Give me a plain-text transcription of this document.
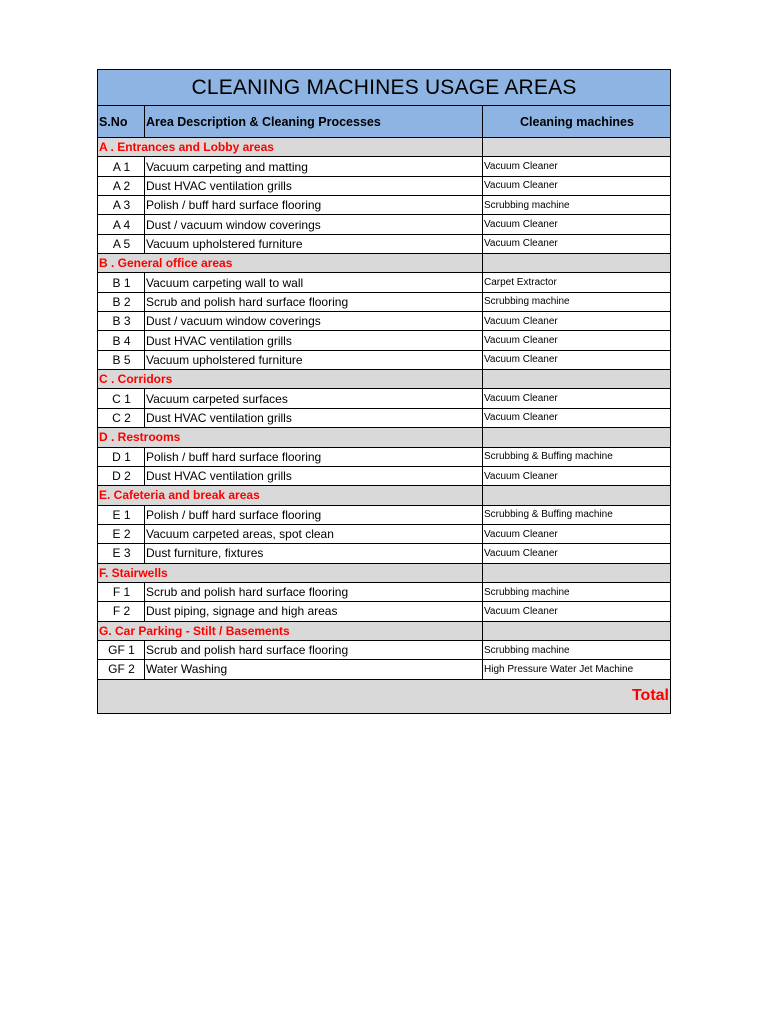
CLEANING MACHINES USAGE AREAS
S.No	Area Description & Cleaning Processes	Cleaning machines
A . Entrances and Lobby areas
A 1	Vacuum carpeting and matting	Vacuum Cleaner
A 2	Dust HVAC ventilation grills	Vacuum Cleaner
A 3	Polish / buff hard surface flooring	Scrubbing machine
A 4	Dust / vacuum window coverings	Vacuum Cleaner
A 5	Vacuum upholstered furniture	Vacuum Cleaner
B . General office areas
B 1	Vacuum carpeting wall to wall	Carpet Extractor
B 2	Scrub and polish hard surface flooring	Scrubbing machine
B 3	Dust / vacuum window coverings	Vacuum Cleaner
B 4	Dust HVAC ventilation grills	Vacuum Cleaner
B 5	Vacuum upholstered furniture	Vacuum Cleaner
C . Corridors
C 1	Vacuum carpeted surfaces	Vacuum Cleaner
C 2	Dust HVAC ventilation grills	Vacuum Cleaner
D . Restrooms
D 1	Polish / buff hard surface flooring	Scrubbing & Buffing machine
D 2	Dust HVAC ventilation grills	Vacuum Cleaner
E. Cafeteria and break areas
E 1	Polish / buff hard surface flooring	Scrubbing & Buffing machine
E 2	Vacuum carpeted areas, spot clean	Vacuum Cleaner
E 3	Dust furniture, fixtures	Vacuum Cleaner
F. Stairwells
F 1	Scrub and polish hard surface flooring	Scrubbing machine
F 2	Dust piping, signage and high areas	Vacuum Cleaner
G. Car Parking - Stilt / Basements
GF 1 Scrub and polish hard surface flooring	Scrubbing machine
GF 2 Water Washing	High Pressure Water Jet Machine
Total
